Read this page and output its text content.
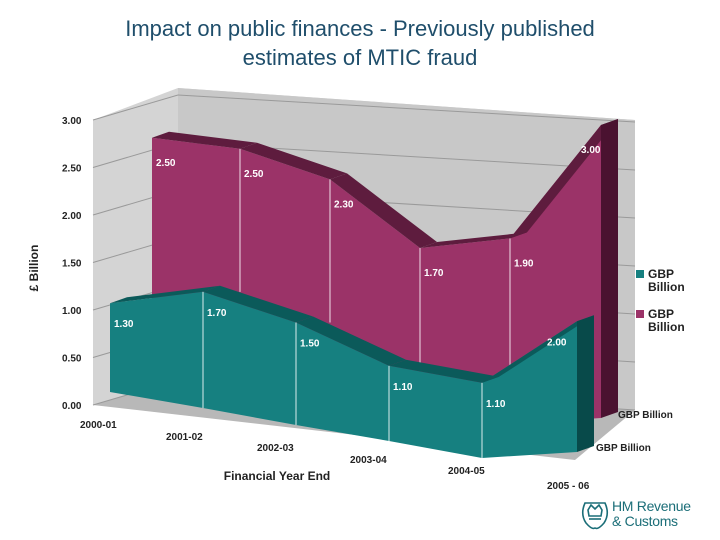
Impact on public finances - Previously published
estimates of MTIC fraud
0.00
0.50
1.00
1.50
2.00
2.50
3.00
£ Billion
2.50
2.50
2.30
1.70
1.90
3.00
1.30
1.70
1.50
1.10
1.10
2.00
2000-01
2001-02
2002-03
2003-04
2004-05
2005 - 06
Financial Year End
GBP Billion
GBP Billion
GBP Billion
GBP Billion
HM Revenue
& Customs
